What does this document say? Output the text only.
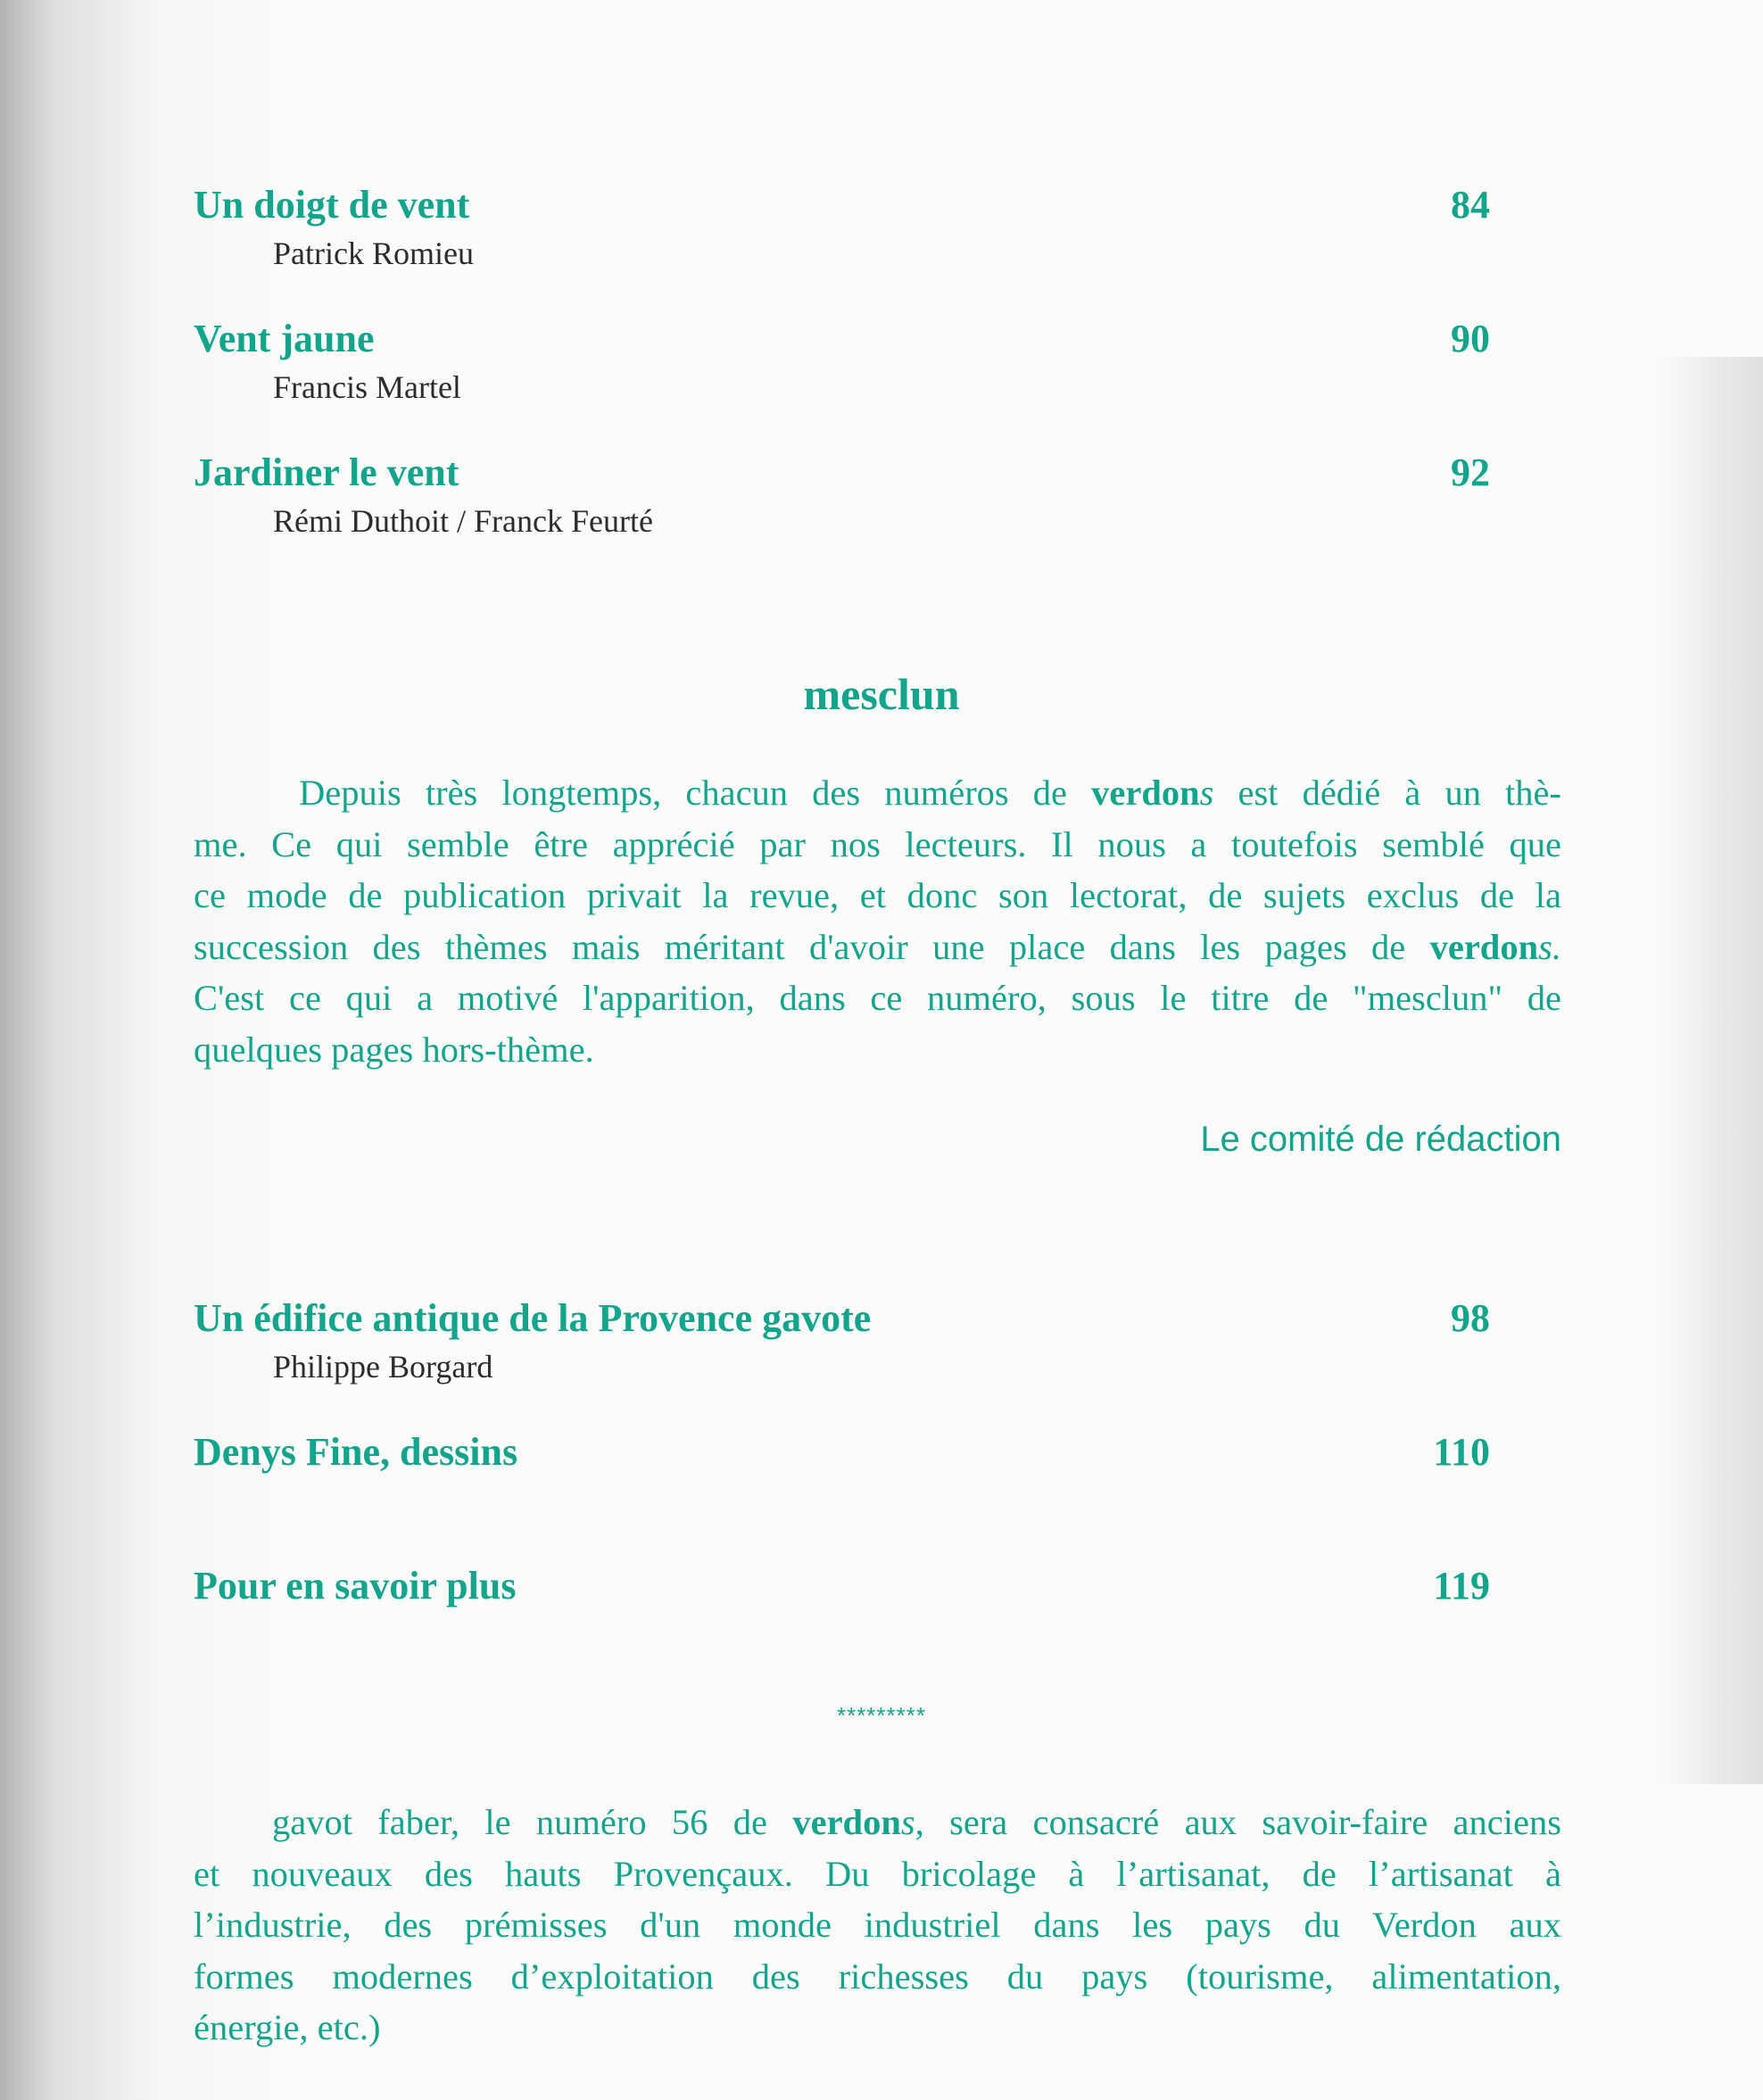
Un doigt de vent	84
Patrick Romieu
Vent jaune	90
Francis Martel
Jardiner le vent	92
Rémi Duthoit / Franck Feurté
mesclun
Depuis très longtemps, chacun des numéros de verdons est dédié à un thè-
me. Ce qui semble être apprécié par nos lecteurs. Il nous a toutefois semblé que
ce mode de publication privait la revue, et donc son lectorat, de sujets exclus de la
succession des thèmes mais méritant d'avoir une place dans les pages de verdons.
C'est ce qui a motivé l'apparition, dans ce numéro, sous le titre de "mesclun" de
quelques pages hors-thème.
Le comité de rédaction
Un édifice antique de la Provence gavote	98
Philippe Borgard
Denys Fine, dessins	110
Pour en savoir plus	119
*********
gavot faber, le numéro 56 de verdons, sera consacré aux savoir-faire anciens
et nouveaux des hauts Provençaux. Du bricolage à l’artisanat, de l’artisanat à
l’industrie, des prémisses d'un monde industriel dans les pays du Verdon aux
formes modernes d’exploitation des richesses du pays (tourisme, alimentation,
énergie, etc.)
